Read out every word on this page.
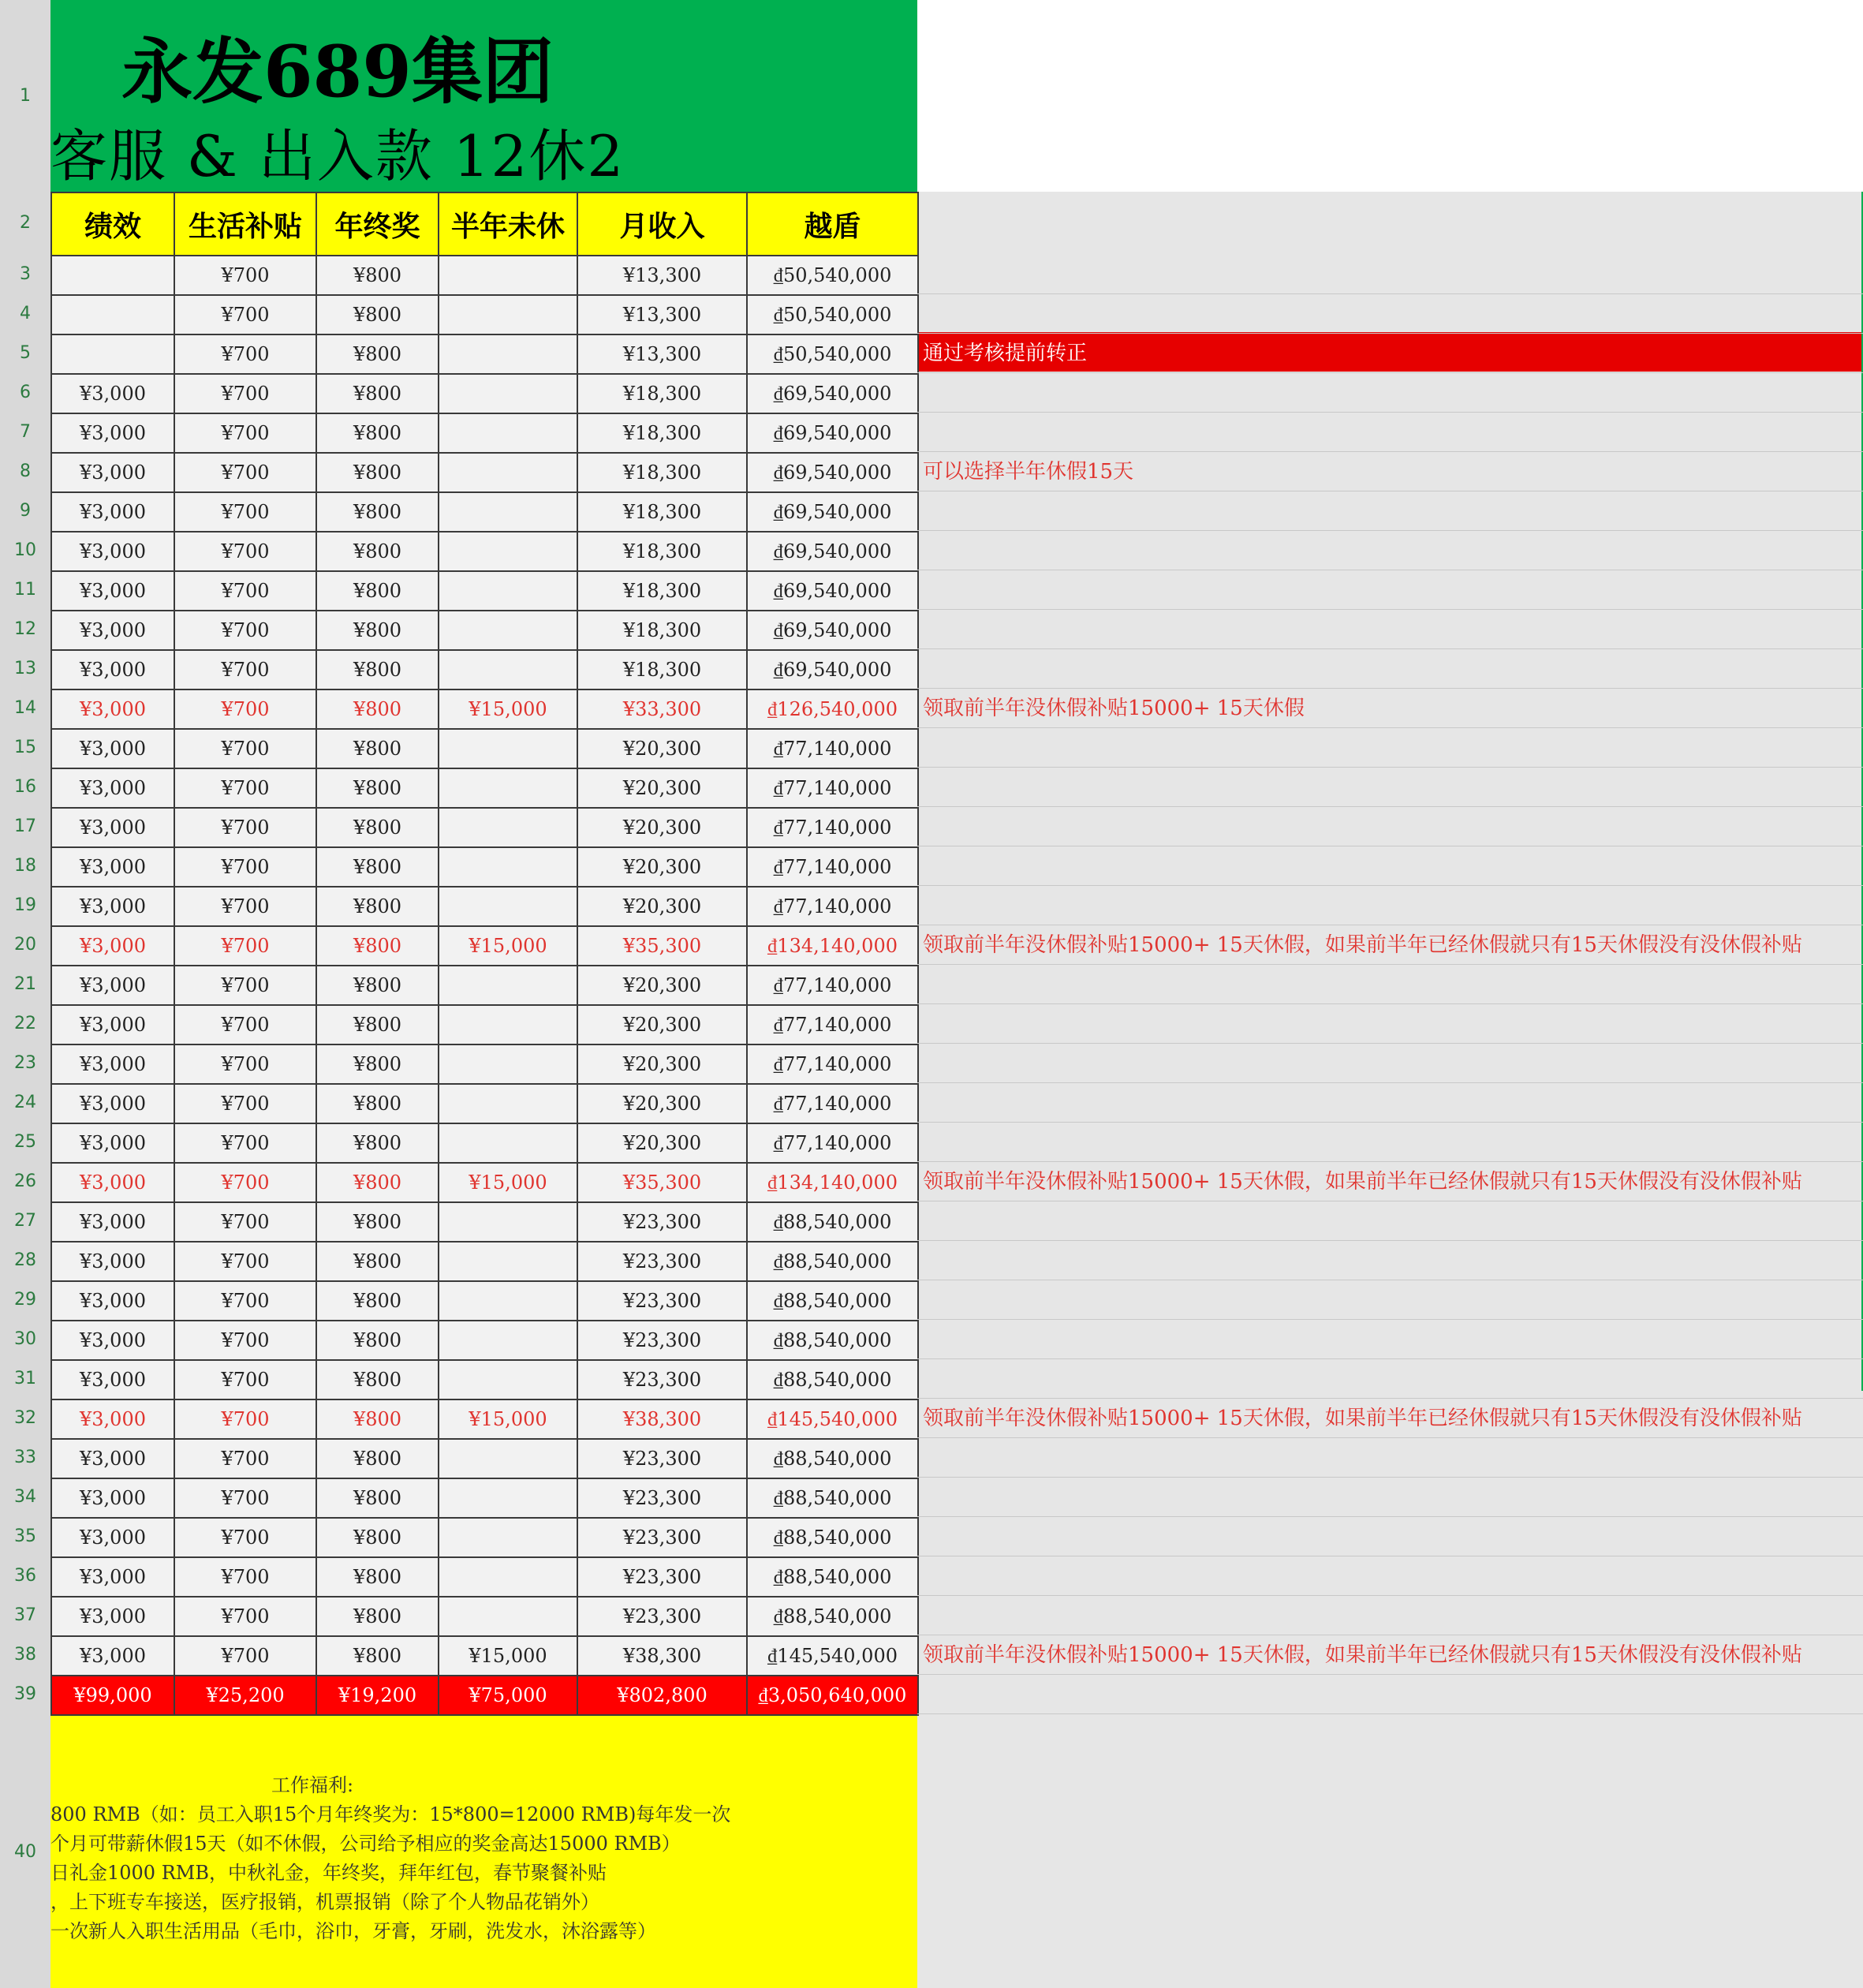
1
2
3
4
5
6
7
8
9
10
11
12
13
14
15
16
17
18
19
20
21
22
23
24
25
26
27
28
29
30
31
32
33
34
35
36
37
38
39
40
永发689集团
客服 & 出入款 12休2
绩效	生活补贴	年终奖	半年未休	月收入	越盾
	¥700	¥800		¥13,300	₫50,540,000
	¥700	¥800		¥13,300	₫50,540,000
	¥700	¥800		¥13,300	₫50,540,000
¥3,000	¥700	¥800		¥18,300	₫69,540,000
¥3,000	¥700	¥800		¥18,300	₫69,540,000
¥3,000	¥700	¥800		¥18,300	₫69,540,000
¥3,000	¥700	¥800		¥18,300	₫69,540,000
¥3,000	¥700	¥800		¥18,300	₫69,540,000
¥3,000	¥700	¥800		¥18,300	₫69,540,000
¥3,000	¥700	¥800		¥18,300	₫69,540,000
¥3,000	¥700	¥800		¥18,300	₫69,540,000
¥3,000	¥700	¥800	¥15,000	¥33,300	₫126,540,000
¥3,000	¥700	¥800		¥20,300	₫77,140,000
¥3,000	¥700	¥800		¥20,300	₫77,140,000
¥3,000	¥700	¥800		¥20,300	₫77,140,000
¥3,000	¥700	¥800		¥20,300	₫77,140,000
¥3,000	¥700	¥800		¥20,300	₫77,140,000
¥3,000	¥700	¥800	¥15,000	¥35,300	₫134,140,000
¥3,000	¥700	¥800		¥20,300	₫77,140,000
¥3,000	¥700	¥800		¥20,300	₫77,140,000
¥3,000	¥700	¥800		¥20,300	₫77,140,000
¥3,000	¥700	¥800		¥20,300	₫77,140,000
¥3,000	¥700	¥800		¥20,300	₫77,140,000
¥3,000	¥700	¥800	¥15,000	¥35,300	₫134,140,000
¥3,000	¥700	¥800		¥23,300	₫88,540,000
¥3,000	¥700	¥800		¥23,300	₫88,540,000
¥3,000	¥700	¥800		¥23,300	₫88,540,000
¥3,000	¥700	¥800		¥23,300	₫88,540,000
¥3,000	¥700	¥800		¥23,300	₫88,540,000
¥3,000	¥700	¥800	¥15,000	¥38,300	₫145,540,000
¥3,000	¥700	¥800		¥23,300	₫88,540,000
¥3,000	¥700	¥800		¥23,300	₫88,540,000
¥3,000	¥700	¥800		¥23,300	₫88,540,000
¥3,000	¥700	¥800		¥23,300	₫88,540,000
¥3,000	¥700	¥800		¥23,300	₫88,540,000
¥3,000	¥700	¥800	¥15,000	¥38,300	₫145,540,000
¥99,000	¥25,200	¥19,200	¥75,000	¥802,800	₫3,050,640,000
工作福利:
800 RMB（如：员工入职15个月年终奖为：15*800=12000 RMB)每年发一次
个月可带薪休假15天（如不休假，公司给予相应的奖金高达15000 RMB）
日礼金1000 RMB，中秋礼金，年终奖，拜年红包，春节聚餐补贴
，上下班专车接送，医疗报销，机票报销（除了个人物品花销外）
一次新人入职生活用品（毛巾，浴巾，牙膏，牙刷，洗发水，沐浴露等）
通过考核提前转正
可以选择半年休假15天
领取前半年没休假补贴15000+ 15天休假
领取前半年没休假补贴15000+ 15天休假，如果前半年已经休假就只有15天休假没有没休假补贴
领取前半年没休假补贴15000+ 15天休假，如果前半年已经休假就只有15天休假没有没休假补贴
领取前半年没休假补贴15000+ 15天休假，如果前半年已经休假就只有15天休假没有没休假补贴
领取前半年没休假补贴15000+ 15天休假，如果前半年已经休假就只有15天休假没有没休假补贴
